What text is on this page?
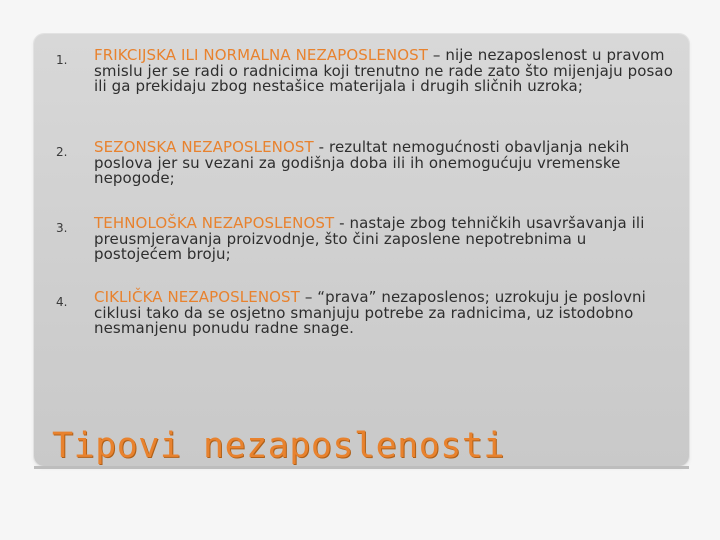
1. FRIKCIJSKA ILI NORMALNA NEZAPOSLENOST – nije nezaposlenost u pravom smislu jer se radi o radnicima koji trenutno ne rade zato što mijenjaju posao ili ga prekidaju zbog nestašice materijala i drugih sličnih uzroka;
2. SEZONSKA NEZAPOSLENOST - rezultat nemogućnosti obavljanja nekih poslova jer su vezani za godišnja doba ili ih onemogućuju vremenske nepogode;
3. TEHNOLOŠKA NEZAPOSLENOST - nastaje zbog tehničkih usavršavanja ili preusmjeravanja proizvodnje, što čini zaposlene nepotrebnima u postojećem broju;
4. CIKLIČKA NEZAPOSLENOST – “prava” nezaposlenos; uzrokuju je poslovni ciklusi tako da se osjetno smanjuju potrebe za radnicima, uz istodobno nesmanjenu ponudu radne snage.
Tipovi nezaposlenosti
